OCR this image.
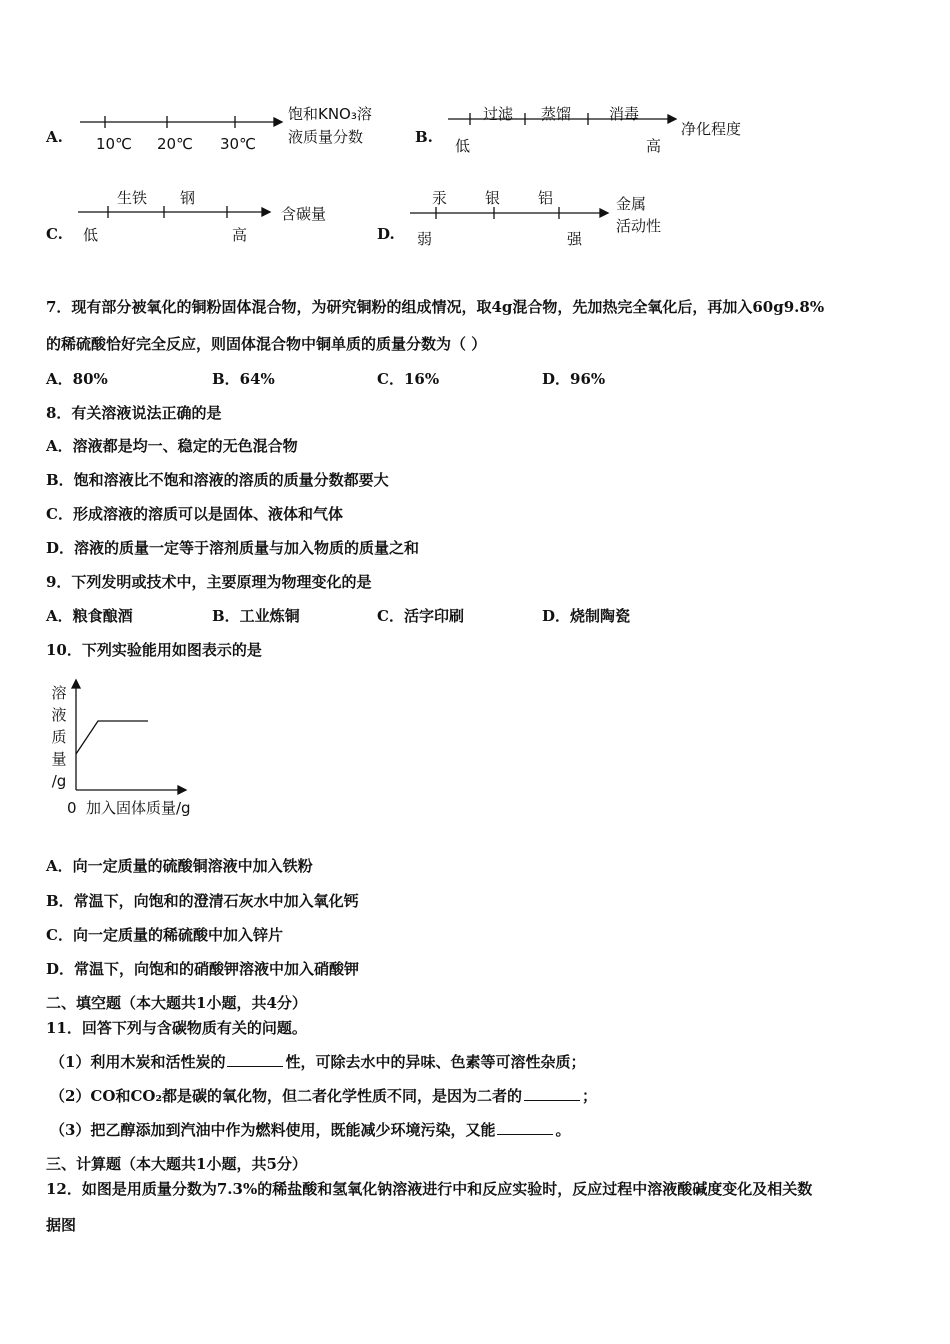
A. 10℃ 20℃ 30℃
饱和KNO₃溶
液质量分数	B.
过滤 蒸馏	消毒
低	高
净化程度
C.
生铁 钢
低	高
含碳量
D.
汞	银	铝
弱	强
金属
活动性
7．现有部分被氧化的铜粉固体混合物，为研究铜粉的组成情况，取4g混合物，先加热完全氧化后，再加入60g9.8%
的稀硫酸恰好完全反应，则固体混合物中铜单质的质量分数为（ ）
A．80%	B．64%	C．16%	D．96%
8．有关溶液说法正确的是
A．溶液都是均一、稳定的无色混合物
B．饱和溶液比不饱和溶液的溶质的质量分数都要大
C．形成溶液的溶质可以是固体、液体和气体
D．溶液的质量一定等于溶剂质量与加入物质的质量之和
9．下列发明或技术中，主要原理为物理变化的是
A．粮食酿酒	B．工业炼铜	C．活字印刷	D．烧制陶瓷
10．下列实验能用如图表示的是
溶
液
质
量
/g
0 加入固体质量/g
A．向一定质量的硫酸铜溶液中加入铁粉
B．常温下，向饱和的澄清石灰水中加入氧化钙
C．向一定质量的稀硫酸中加入锌片
D．常温下，向饱和的硝酸钾溶液中加入硝酸钾
二、填空题（本大题共1小题，共4分）
11．回答下列与含碳物质有关的问题。
（1）利用木炭和活性炭的	性，可除去水中的异味、色素等可溶性杂质；
（2）CO和CO₂都是碳的氧化物，但二者化学性质不同，是因为二者的	；
（3）把乙醇添加到汽油中作为燃料使用，既能减少环境污染，又能	。
三、计算题（本大题共1小题，共5分）
12．如图是用质量分数为7.3%的稀盐酸和氢氧化钠溶液进行中和反应实验时，反应过程中溶液酸碱度变化及相关数
据图
